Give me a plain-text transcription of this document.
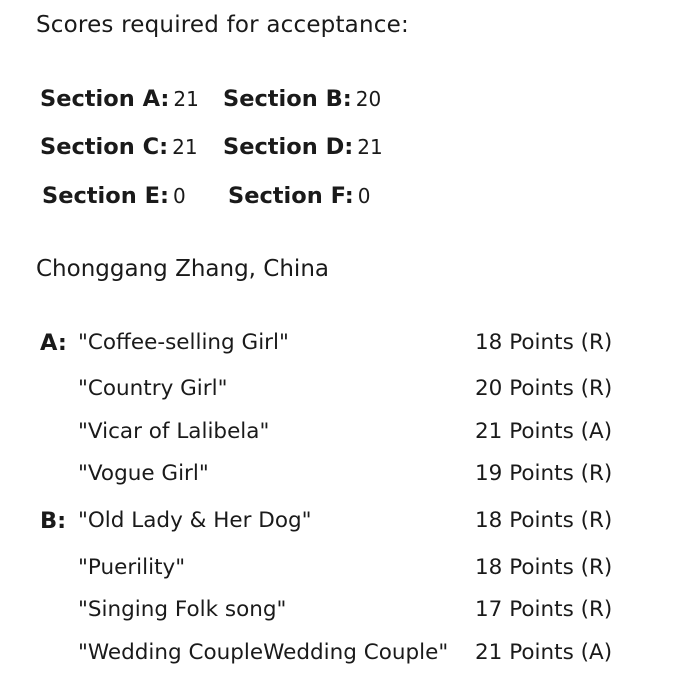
Scores required for acceptance:
Section A: 21 Section B: 20
Section C: 21 Section D: 21
Section E: 0 Section F: 0
Chonggang Zhang, China
A: "Coffee-selling Girl"	18 Points (R)
"Country Girl"	20 Points (R)
"Vicar of Lalibela"	21 Points (A)
"Vogue Girl"	19 Points (R)
B: "Old Lady & Her Dog"	18 Points (R)
"Puerility"	18 Points (R)
"Singing Folk song"	17 Points (R)
"Wedding CoupleWedding Couple" 21 Points (A)
